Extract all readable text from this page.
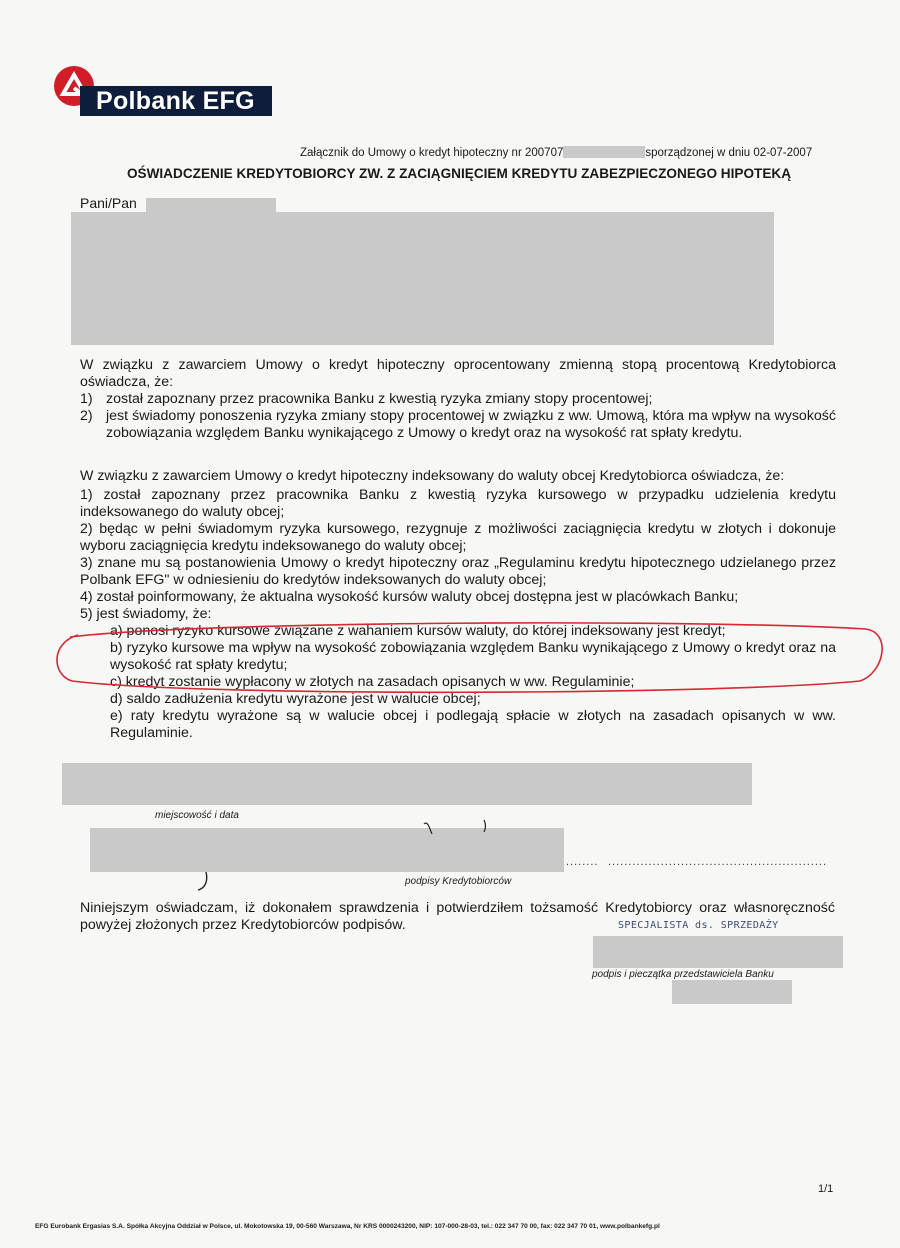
Polbank EFG
Załącznik do Umowy o kredyt hipoteczny nr 200707	sporządzonej w dniu 02-07-2007
OŚWIADCZENIE KREDYTOBIORCY ZW. Z ZACIĄGNIĘCIEM KREDYTU ZABEZPIECZONEGO HIPOTEKĄ
Pani/Pan

W związku z zawarciem Umowy o kredyt hipoteczny oprocentowany zmienną stopą procentową Kredytobiorca oświadcza, że:

1) został zapoznany przez pracownika Banku z kwestią ryzyka zmiany stopy procentowej;
2) jest świadomy ponoszenia ryzyka zmiany stopy procentowej w związku z ww. Umową, która ma wpływ na wysokość zobowiązania względem Banku wynikającego z Umowy o kredyt oraz na wysokość rat spłaty kredytu.

W związku z zawarciem Umowy o kredyt hipoteczny indeksowany do waluty obcej Kredytobiorca oświadcza, że:

1) został zapoznany przez pracownika Banku z kwestią ryzyka kursowego w przypadku udzielenia kredytu indeksowanego do waluty obcej;

2) będąc w pełni świadomym ryzyka kursowego, rezygnuje z możliwości zaciągnięcia kredytu w złotych i dokonuje wyboru zaciągnięcia kredytu indeksowanego do waluty obcej;

3) znane mu są postanowienia Umowy o kredyt hipoteczny oraz „Regulaminu kredytu hipotecznego udzielanego przez Polbank EFG" w odniesieniu do kredytów indeksowanych do waluty obcej;

4) został poinformowany, że aktualna wysokość kursów waluty obcej dostępna jest w placówkach Banku;

5) jest świadomy, że:

a) ponosi ryzyko kursowe związane z wahaniem kursów waluty, do której indeksowany jest kredyt;

b) ryzyko kursowe ma wpływ na wysokość zobowiązania względem Banku wynikającego z Umowy o kredyt oraz na wysokość rat spłaty kredytu;

c) kredyt zostanie wypłacony w złotych na zasadach opisanych w ww. Regulaminie;

d) saldo zadłużenia kredytu wyrażone jest w walucie obcej;

e) raty kredytu wyrażone są w walucie obcej i podlegają spłacie w złotych na zasadach opisanych w ww. Regulaminie.

miejscowość i data
........ ......................................................
podpisy Kredytobiorców
Niniejszym oświadczam, iż dokonałem sprawdzenia i potwierdziłem tożsamość Kredytobiorcy oraz własnoręczność powyżej złożonych przez Kredytobiorców podpisów.	SPECJALISTA ds. SPRZEDAŻY
podpis i pieczątka przedstawiciela Banku
1/1
EFG Eurobank Ergasias S.A. Spółka Akcyjna Oddział w Polsce, ul. Mokotowska 19, 00-560 Warszawa, Nr KRS 0000243200, NIP: 107-000-28-03, tel.: 022 347 70 00, fax: 022 347 70 01, www.polbankefg.pl
